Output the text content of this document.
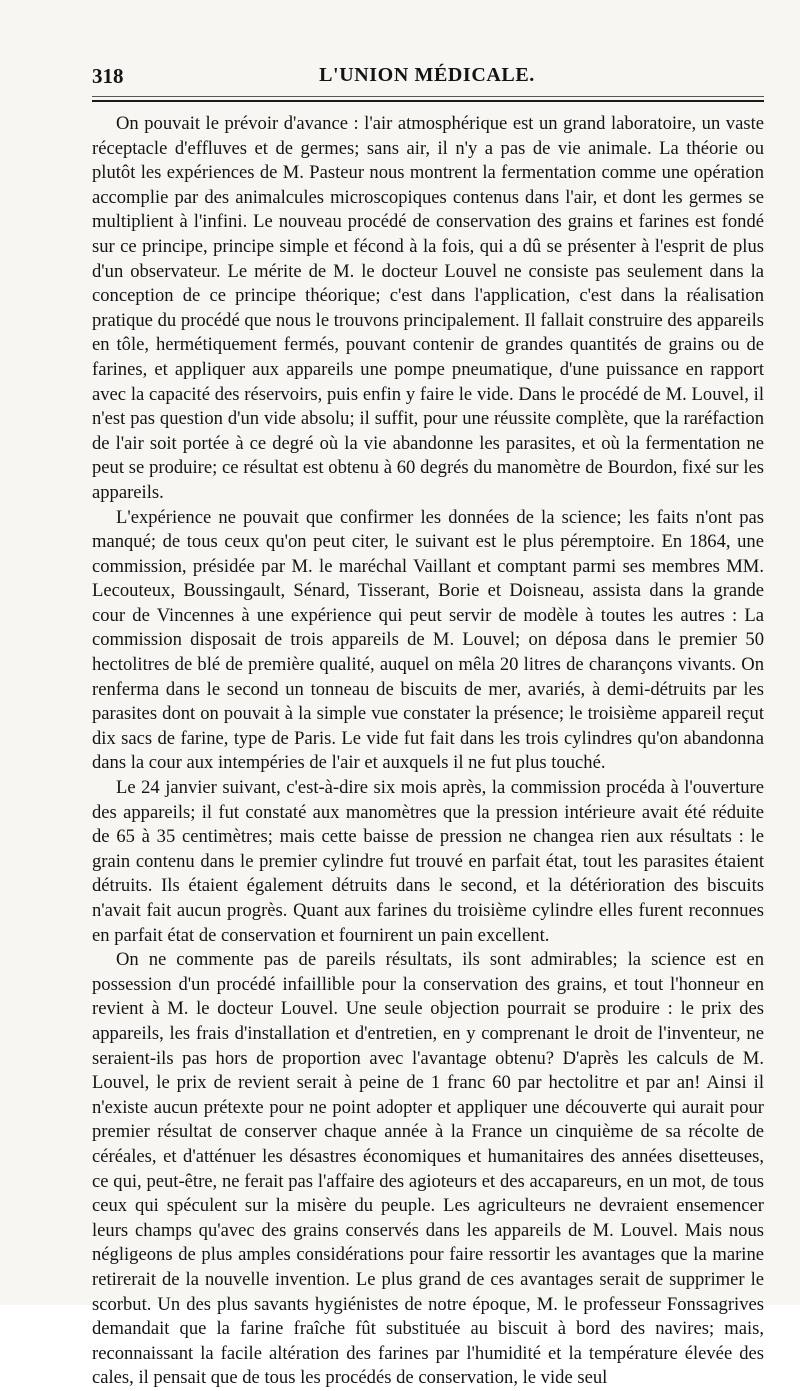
318	L'UNION MÉDICALE.

On pouvait le prévoir d'avance : l'air atmosphérique est un grand laboratoire, un vaste réceptacle d'effluves et de germes; sans air, il n'y a pas de vie animale. La théorie ou plutôt les expériences de M. Pasteur nous montrent la fermentation comme une opération accomplie par des animalcules microscopiques contenus dans l'air, et dont les germes se multiplient à l'infini. Le nouveau procédé de conservation des grains et farines est fondé sur ce principe, principe simple et fécond à la fois, qui a dû se présenter à l'esprit de plus d'un observateur. Le mérite de M. le docteur Louvel ne consiste pas seulement dans la conception de ce principe théorique; c'est dans l'application, c'est dans la réalisation pratique du procédé que nous le trouvons principalement. Il fallait construire des appareils en tôle, hermétiquement fermés, pouvant contenir de grandes quantités de grains ou de farines, et appliquer aux appareils une pompe pneumatique, d'une puissance en rapport avec la capacité des réservoirs, puis enfin y faire le vide. Dans le procédé de M. Louvel, il n'est pas question d'un vide absolu; il suffit, pour une réussite complète, que la raréfaction de l'air soit portée à ce degré où la vie abandonne les parasites, et où la fermentation ne peut se produire; ce résultat est obtenu à 60 degrés du manomètre de Bourdon, fixé sur les appareils.

L'expérience ne pouvait que confirmer les données de la science; les faits n'ont pas manqué; de tous ceux qu'on peut citer, le suivant est le plus péremptoire. En 1864, une commission, présidée par M. le maréchal Vaillant et comptant parmi ses membres MM. Lecouteux, Boussingault, Sénard, Tisserant, Borie et Doisneau, assista dans la grande cour de Vincennes à une expérience qui peut servir de modèle à toutes les autres : La commission disposait de trois appareils de M. Louvel; on déposa dans le premier 50 hectolitres de blé de première qualité, auquel on mêla 20 litres de charançons vivants. On renferma dans le second un tonneau de biscuits de mer, avariés, à demi-détruits par les parasites dont on pouvait à la simple vue constater la présence; le troisième appareil reçut dix sacs de farine, type de Paris. Le vide fut fait dans les trois cylindres qu'on abandonna dans la cour aux intempéries de l'air et auxquels il ne fut plus touché.

Le 24 janvier suivant, c'est-à-dire six mois après, la commission procéda à l'ouverture des appareils; il fut constaté aux manomètres que la pression intérieure avait été réduite de 65 à 35 centimètres; mais cette baisse de pression ne changea rien aux résultats : le grain contenu dans le premier cylindre fut trouvé en parfait état, tout les parasites étaient détruits. Ils étaient également détruits dans le second, et la détérioration des biscuits n'avait fait aucun progrès. Quant aux farines du troisième cylindre elles furent reconnues en parfait état de conservation et fournirent un pain excellent.

On ne commente pas de pareils résultats, ils sont admirables; la science est en possession d'un procédé infaillible pour la conservation des grains, et tout l'honneur en revient à M. le docteur Louvel. Une seule objection pourrait se produire : le prix des appareils, les frais d'installation et d'entretien, en y comprenant le droit de l'inventeur, ne seraient-ils pas hors de proportion avec l'avantage obtenu? D'après les calculs de M. Louvel, le prix de revient serait à peine de 1 franc 60 par hectolitre et par an! Ainsi il n'existe aucun prétexte pour ne point adopter et appliquer une découverte qui aurait pour premier résultat de conserver chaque année à la France un cinquième de sa récolte de céréales, et d'atténuer les désastres économiques et humanitaires des années disetteuses, ce qui, peut-être, ne ferait pas l'affaire des agioteurs et des accapareurs, en un mot, de tous ceux qui spéculent sur la misère du peuple. Les agriculteurs ne devraient ensemencer leurs champs qu'avec des grains conservés dans les appareils de M. Louvel. Mais nous négligeons de plus amples considérations pour faire ressortir les avantages que la marine retirerait de la nouvelle invention. Le plus grand de ces avantages serait de supprimer le scorbut. Un des plus savants hygiénistes de notre époque, M. le professeur Fonssagrives demandait que la farine fraîche fût substituée au biscuit à bord des navires; mais, reconnaissant la facile altération des farines par l'humidité et la température élevée des cales, il pensait que de tous les procédés de conservation, le vide seul
